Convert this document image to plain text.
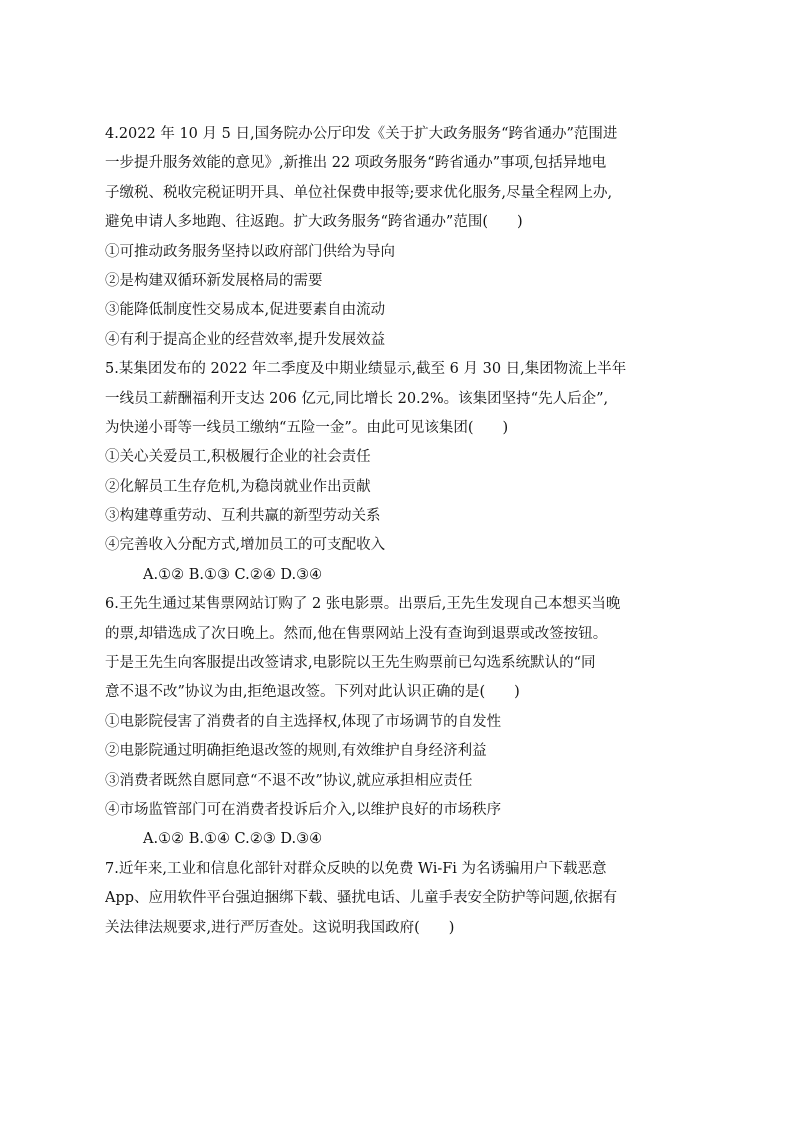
4.2022 年 10 月 5 日,国务院办公厅印发《关于扩大政务服务“跨省通办”范围进
一步提升服务效能的意见》,新推出 22 项政务服务“跨省通办”事项,包括异地电
子缴税、税收完税证明开具、单位社保费申报等;要求优化服务,尽量全程网上办,
避免申请人多地跑、往返跑。扩大政务服务“跨省通办”范围(　　)
①可推动政务服务坚持以政府部门供给为导向
②是构建双循环新发展格局的需要
③能降低制度性交易成本,促进要素自由流动
④有利于提高企业的经营效率,提升发展效益
5.某集团发布的 2022 年二季度及中期业绩显示,截至 6 月 30 日,集团物流上半年
一线员工薪酬福利开支达 206 亿元,同比增长 20.2%。该集团坚持“先人后企”,
为快递小哥等一线员工缴纳“五险一金”。由此可见该集团(　　)
①关心关爱员工,积极履行企业的社会责任
②化解员工生存危机,为稳岗就业作出贡献
③构建尊重劳动、互利共赢的新型劳动关系
④完善收入分配方式,增加员工的可支配收入
A.①② B.①③ C.②④ D.③④
6.王先生通过某售票网站订购了 2 张电影票。出票后,王先生发现自己本想买当晚
的票,却错选成了次日晚上。然而,他在售票网站上没有查询到退票或改签按钮。
于是王先生向客服提出改签请求,电影院以王先生购票前已勾选系统默认的“同
意不退不改”协议为由,拒绝退改签。下列对此认识正确的是(　　)
①电影院侵害了消费者的自主选择权,体现了市场调节的自发性
②电影院通过明确拒绝退改签的规则,有效维护自身经济利益
③消费者既然自愿同意“不退不改”协议,就应承担相应责任
④市场监管部门可在消费者投诉后介入,以维护良好的市场秩序
A.①② B.①④ C.②③ D.③④
7.近年来,工业和信息化部针对群众反映的以免费 Wi-Fi 为名诱骗用户下载恶意
App、应用软件平台强迫捆绑下载、骚扰电话、儿童手表安全防护等问题,依据有
关法律法规要求,进行严厉查处。这说明我国政府(　　)
